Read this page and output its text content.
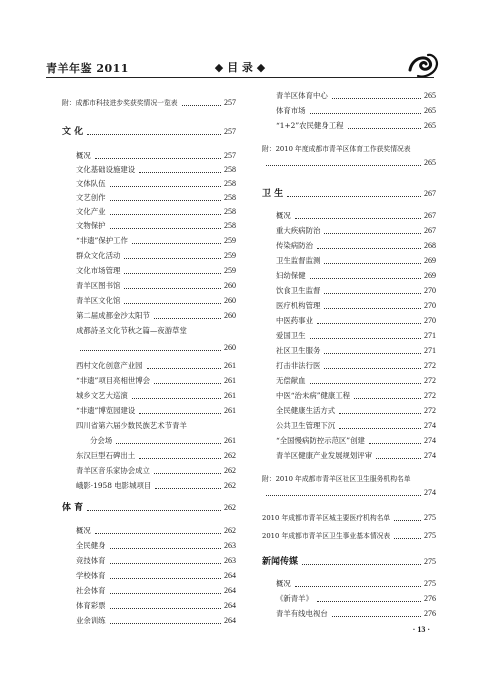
青羊年鉴 2011	◆ 目 录 ◆
附：成都市科技进步奖获奖情况一览表	257
文 化	257
概况	257
文化基础设施建设	258
文体队伍	258
文艺创作	258
文化产业	258
文物保护	258
“非遗”保护工作	259
群众文化活动	259
文化市场管理	259
青羊区图书馆	260
青羊区文化馆	260
第二届成都金沙太阳节	260
成都詩圣文化节秋之篇—夜游草堂
260
西村文化创意产业园	261
“非遗”项目亮相世博会	261
城乡文艺大巡演	261
“非遗”博览园建设	261
四川省第六届少数民族艺术节青羊
分会场	261
东汉巨型石碑出土	262
青羊区音乐家协会成立	262
峨影·1958 电影城项目	262
体 育	262
概况	262
全民健身	263
竞技体育	263
学校体育	264
社会体育	264
体育彩票	264
业余训练	264
青羊区体育中心	265
体育市场	265
“1+2”农民健身工程	265
附：2010 年度成都市青羊区体育工作获奖情况表
265
卫 生	267
概况	267
重大疾病防治	267
传染病防治	268
卫生监督监测	269
妇幼保健	269
饮食卫生监督	270
医疗机构管理	270
中医药事业	270
爱国卫生	271
社区卫生服务	271
打击非法行医	272
无偿献血	272
中医“治未病”健康工程	272
全民健康生活方式	272
公共卫生管理下沉	274
“全国慢病防控示范区”创建	274
青羊区健康产业发展规划评审	274
附：2010 年成都市青羊区社区卫生服务机构名单
274
2010 年成都市青羊区城主要医疗机构名单	275
2010 年成都市青羊区卫生事业基本情况表	275
新闻传媒	275
概况	275
《新青羊》	276
青羊有线电视台	276
· 13 ·
